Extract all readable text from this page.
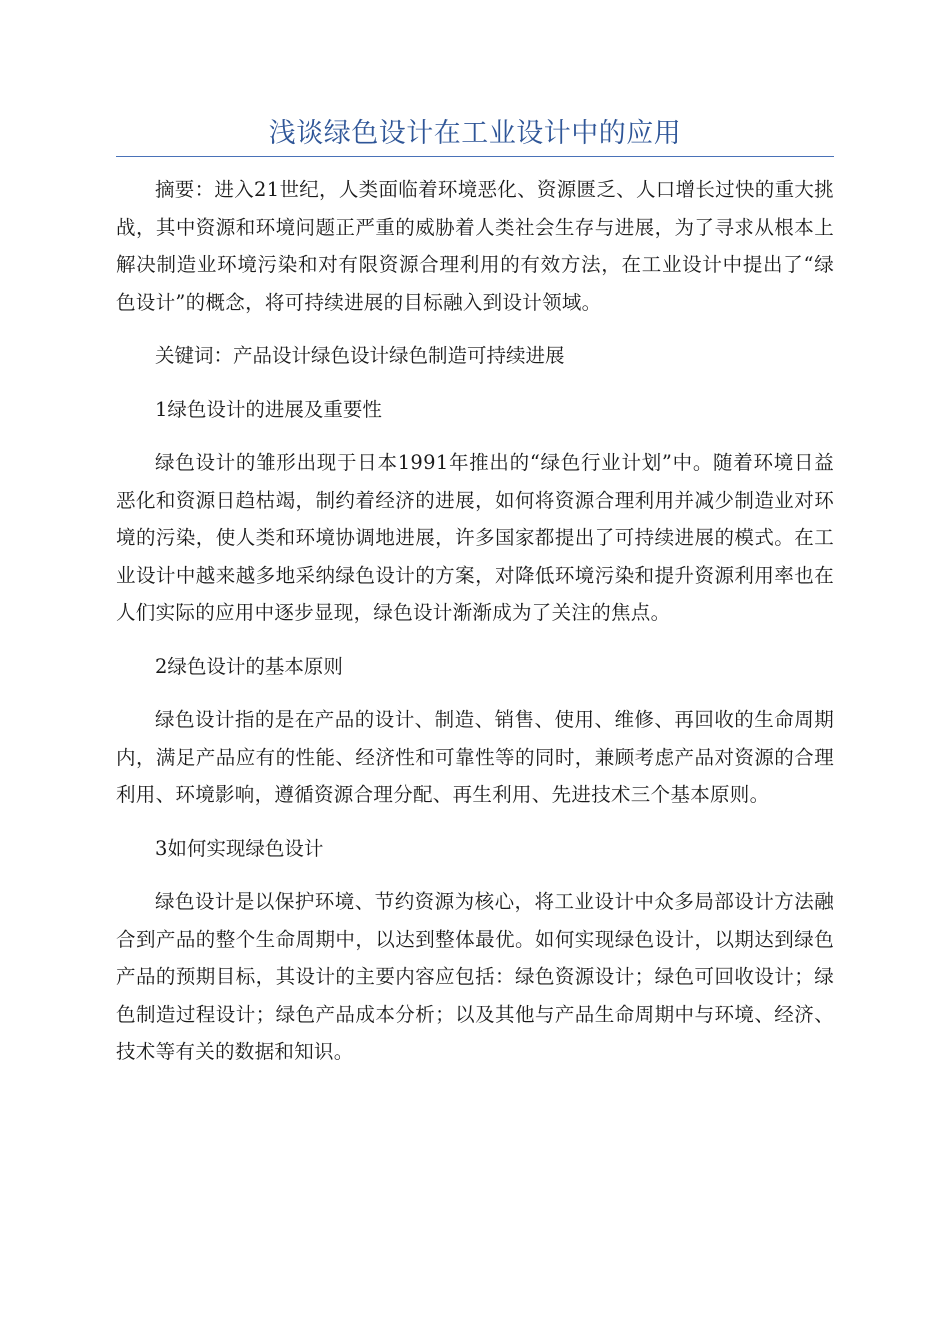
浅谈绿色设计在工业设计中的应用

摘要：进入21世纪，人类面临着环境恶化、资源匮乏、人口增长过快的重大挑战，其中资源和环境问题正严重的威胁着人类社会生存与进展，为了寻求从根本上解决制造业环境污染和对有限资源合理利用的有效方法，在工业设计中提出了“绿色设计”的概念，将可持续进展的目标融入到设计领域。

关键词：产品设计绿色设计绿色制造可持续进展

1绿色设计的进展及重要性

绿色设计的雏形出现于日本1991年推出的“绿色行业计划”中。随着环境日益恶化和资源日趋枯竭，制约着经济的进展，如何将资源合理利用并减少制造业对环境的污染，使人类和环境协调地进展，许多国家都提出了可持续进展的模式。在工业设计中越来越多地采纳绿色设计的方案，对降低环境污染和提升资源利用率也在人们实际的应用中逐步显现，绿色设计渐渐成为了关注的焦点。

2绿色设计的基本原则

绿色设计指的是在产品的设计、制造、销售、使用、维修、再回收的生命周期内，满足产品应有的性能、经济性和可靠性等的同时，兼顾考虑产品对资源的合理利用、环境影响，遵循资源合理分配、再生利用、先进技术三个基本原则。

3如何实现绿色设计

绿色设计是以保护环境、节约资源为核心，将工业设计中众多局部设计方法融合到产品的整个生命周期中，以达到整体最优。如何实现绿色设计，以期达到绿色产品的预期目标，其设计的主要内容应包括：绿色资源设计；绿色可回收设计；绿色制造过程设计；绿色产品成本分析；以及其他与产品生命周期中与环境、经济、技术等有关的数据和知识。
